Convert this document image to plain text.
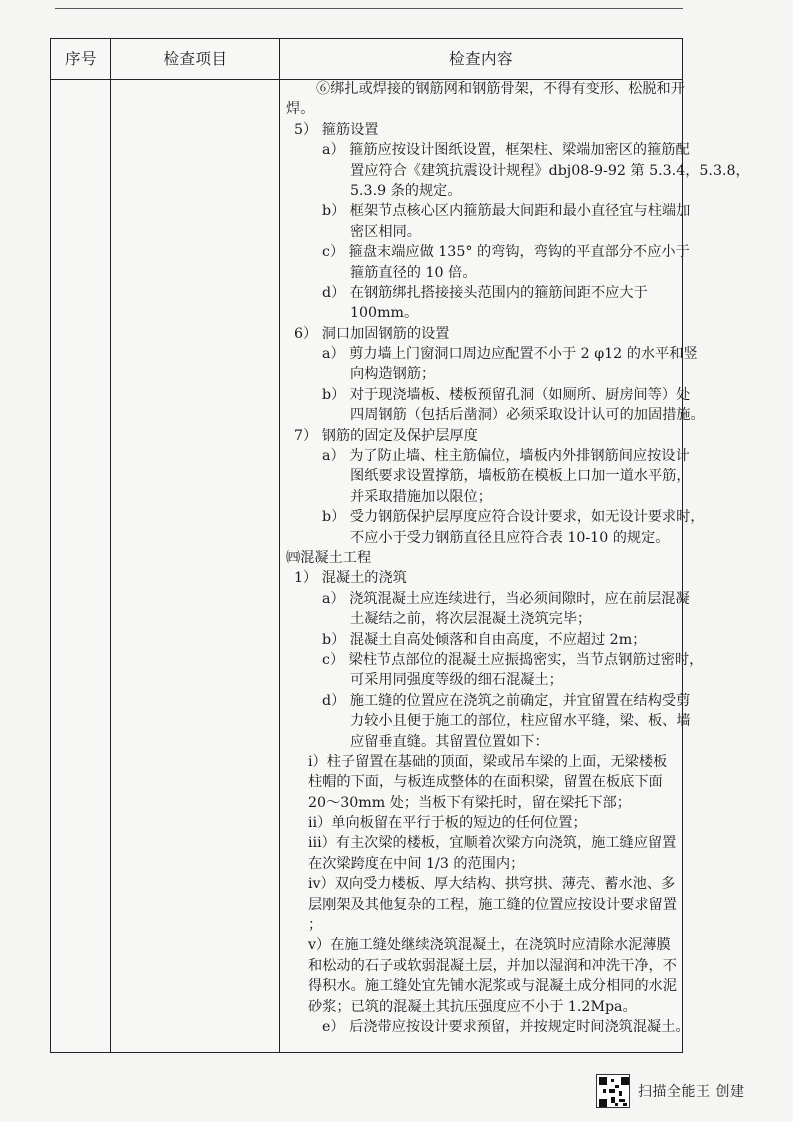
序号	检查项目	检查内容
⑥绑扎或焊接的钢筋网和钢筋骨架，不得有变形、松脱和开
焊。
5） 箍筋设置
a） 箍筋应按设计图纸设置，框架柱、梁端加密区的箍筋配
置应符合《建筑抗震设计规程》dbj08-9-92 第 5.3.4，5.3.8，
5.3.9 条的规定。
b） 框架节点核心区内箍筋最大间距和最小直径宜与柱端加
密区相同。
c） 箍盘末端应做 135° 的弯钩，弯钩的平直部分不应小于
箍筋直径的 10 倍。
d） 在钢筋绑扎搭接接头范围内的箍筋间距不应大于
100mm。
6） 洞口加固钢筋的设置
a） 剪力墙上门窗洞口周边应配置不小于 2 φ12 的水平和竖
向构造钢筋；
b） 对于现浇墙板、楼板预留孔洞（如厕所、厨房间等）处
四周钢筋（包括后凿洞）必须采取设计认可的加固措施。
7） 钢筋的固定及保护层厚度
a） 为了防止墙、柱主筋偏位，墙板内外排钢筋间应按设计
图纸要求设置撑筋，墙板筋在模板上口加一道水平筋，
并采取措施加以限位；
b） 受力钢筋保护层厚度应符合设计要求，如无设计要求时，
不应小于受力钢筋直径且应符合表 10-10 的规定。
㈣混凝土工程
1） 混凝土的浇筑
a） 浇筑混凝土应连续进行，当必须间隙时，应在前层混凝
土凝结之前，将次层混凝土浇筑完毕；
b） 混凝土自高处倾落和自由高度，不应超过 2m；
c） 梁柱节点部位的混凝土应振捣密实，当节点钢筋过密时，
可采用同强度等级的细石混凝土；
d） 施工缝的位置应在浇筑之前确定，并宜留置在结构受剪
力较小且便于施工的部位，柱应留水平缝，梁、板、墙
应留垂直缝。其留置位置如下：
ⅰ）柱子留置在基础的顶面，梁或吊车梁的上面，无梁楼板
柱帽的下面，与板连成整体的在面积梁，留置在板底下面
20～30mm 处；当板下有梁托时，留在梁托下部；
ⅱ）单向板留在平行于板的短边的任何位置；
ⅲ）有主次梁的楼板，宜顺着次梁方向浇筑，施工缝应留置
在次梁跨度在中间 1/3 的范围内；
ⅳ）双向受力楼板、厚大结构、拱穹拱、薄壳、蓄水池、多
层刚架及其他复杂的工程，施工缝的位置应按设计要求留置
；
ⅴ）在施工缝处继续浇筑混凝土，在浇筑时应清除水泥薄膜
和松动的石子或软弱混凝土层，并加以湿润和冲洗干净，不
得积水。施工缝处宜先铺水泥浆或与混凝土成分相同的水泥
砂浆；已筑的混凝土其抗压强度应不小于 1.2Mpa。
e） 后浇带应按设计要求预留，并按规定时间浇筑混凝土。
扫描全能王 创建
